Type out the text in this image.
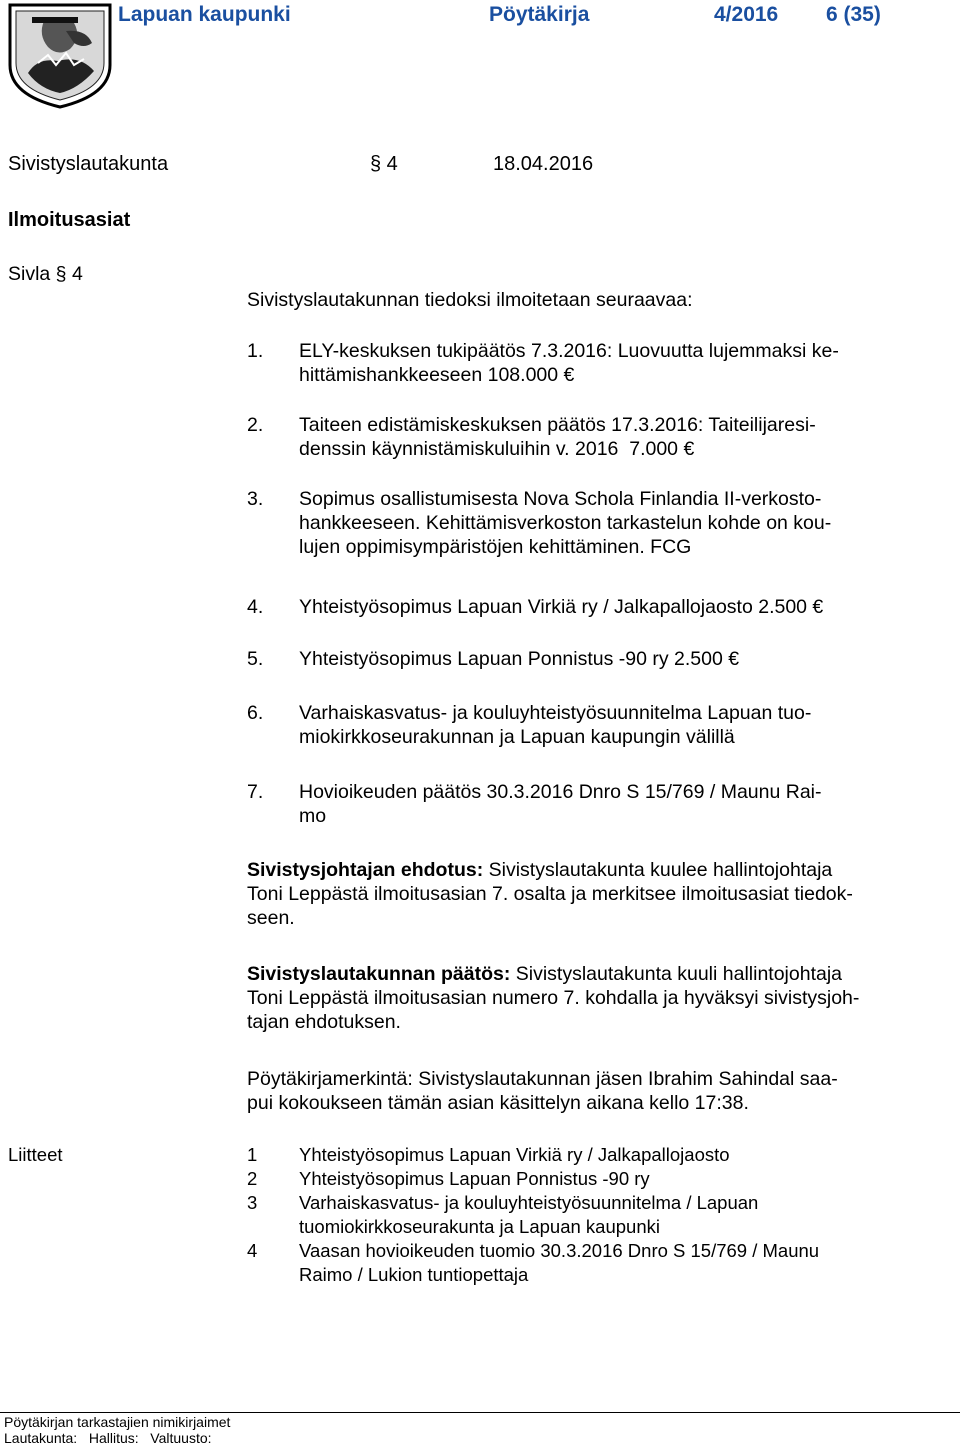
Lapuan kaupunki	Pöytäkirja	4/2016 6 (35)
Sivistyslautakunta	§ 4	18.04.2016
Ilmoitusasiat
Sivla § 4
Sivistyslautakunnan tiedoksi ilmoitetaan seuraavaa:
1. ELY-keskuksen tukipäätös 7.3.2016: Luovuutta lujemmaksi ke-
hittämishankkeeseen 108.000 €
2. Taiteen edistämiskeskuksen päätös 17.3.2016: Taiteilijaresi-
denssin käynnistämiskuluihin v. 2016  7.000 €
3. Sopimus osallistumisesta Nova Schola Finlandia II-verkosto-
hankkeeseen. Kehittämisverkoston tarkastelun kohde on kou-
lujen oppimisympäristöjen kehittäminen. FCG
4. Yhteistyösopimus Lapuan Virkiä ry / Jalkapallojaosto 2.500 €
5. Yhteistyösopimus Lapuan Ponnistus -90 ry 2.500 €
6. Varhaiskasvatus- ja kouluyhteistyösuunnitelma Lapuan tuo-
miokirkkoseurakunnan ja Lapuan kaupungin välillä
7. Hovioikeuden päätös 30.3.2016 Dnro S 15/769 / Maunu Rai-
mo
Sivistysjohtajan ehdotus: Sivistyslautakunta kuulee hallintojohtaja
Toni Leppästä ilmoitusasian 7. osalta ja merkitsee ilmoitusasiat tiedok-
seen.
Sivistyslautakunnan päätös: Sivistyslautakunta kuuli hallintojohtaja
Toni Leppästä ilmoitusasian numero 7. kohdalla ja hyväksyi sivistysjoh-
tajan ehdotuksen.
Pöytäkirjamerkintä: Sivistyslautakunnan jäsen Ibrahim Sahindal saa-
pui kokoukseen tämän asian käsittelyn aikana kello 17:38.
Liitteet	1 Yhteistyösopimus Lapuan Virkiä ry / Jalkapallojaosto
2 Yhteistyösopimus Lapuan Ponnistus -90 ry
3 Varhaiskasvatus- ja kouluyhteistyösuunnitelma / Lapuan
tuomiokirkkoseurakunta ja Lapuan kaupunki
4 Vaasan hovioikeuden tuomio 30.3.2016 Dnro S 15/769 / Maunu
Raimo / Lukion tuntiopettaja
Pöytäkirjan tarkastajien nimikirjaimet
Lautakunta:   Hallitus:   Valtuusto:
